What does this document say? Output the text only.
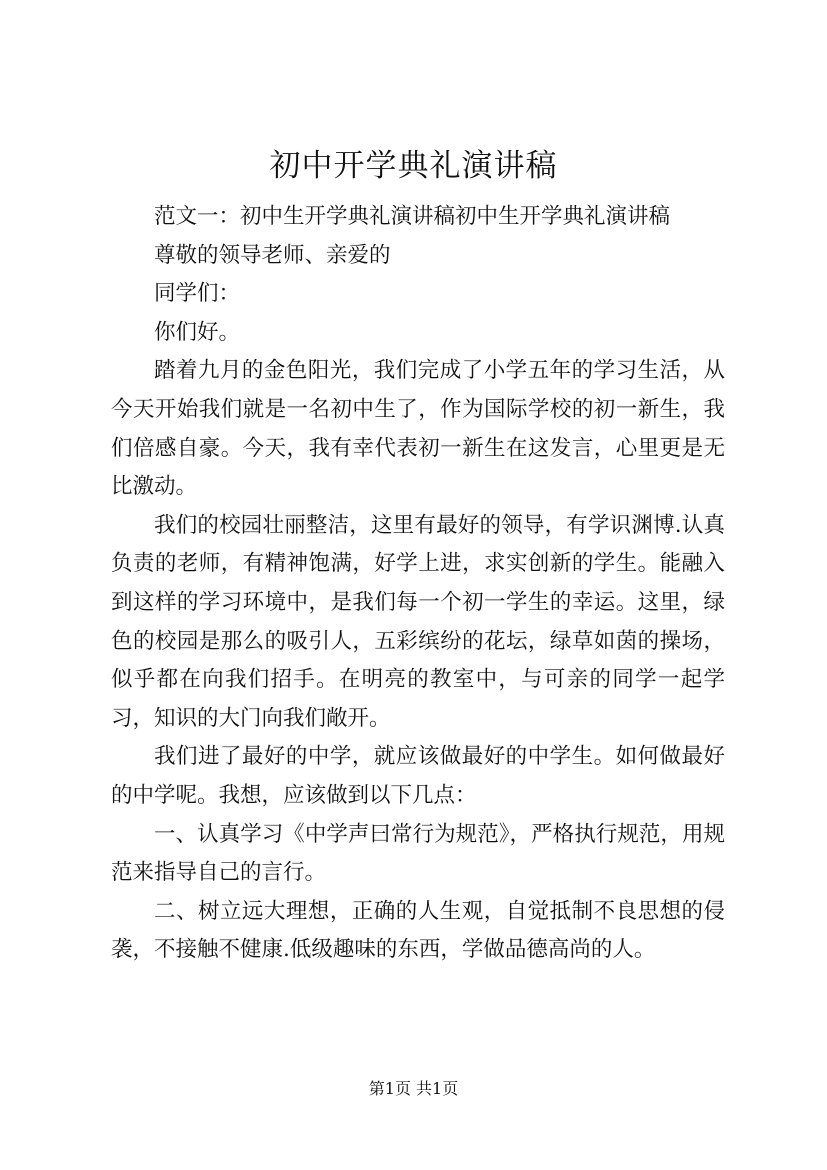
初中开学典礼演讲稿

范文一：初中生开学典礼演讲稿初中生开学典礼演讲稿

尊敬的领导老师、亲爱的

同学们：

你们好。

踏着九月的金色阳光，我们完成了小学五年的学习生活，从今天开始我们就是一名初中生了，作为国际学校的初一新生，我们倍感自豪。今天，我有幸代表初一新生在这发言，心里更是无比激动。

我们的校园壮丽整洁，这里有最好的领导，有学识渊博.认真负责的老师，有精神饱满，好学上进，求实创新的学生。能融入到这样的学习环境中，是我们每一个初一学生的幸运。这里，绿色的校园是那么的吸引人，五彩缤纷的花坛，绿草如茵的操场，似乎都在向我们招手。在明亮的教室中，与可亲的同学一起学习，知识的大门向我们敞开。

我们进了最好的中学，就应该做最好的中学生。如何做最好的中学呢。我想，应该做到以下几点：

一、认真学习《中学声曰常行为规范》，严格执行规范，用规范来指导自己的言行。

二、树立远大理想，正确的人生观，自觉抵制不良思想的侵袭，不接触不健康.低级趣味的东西，学做品德高尚的人。

第1页 共1页
